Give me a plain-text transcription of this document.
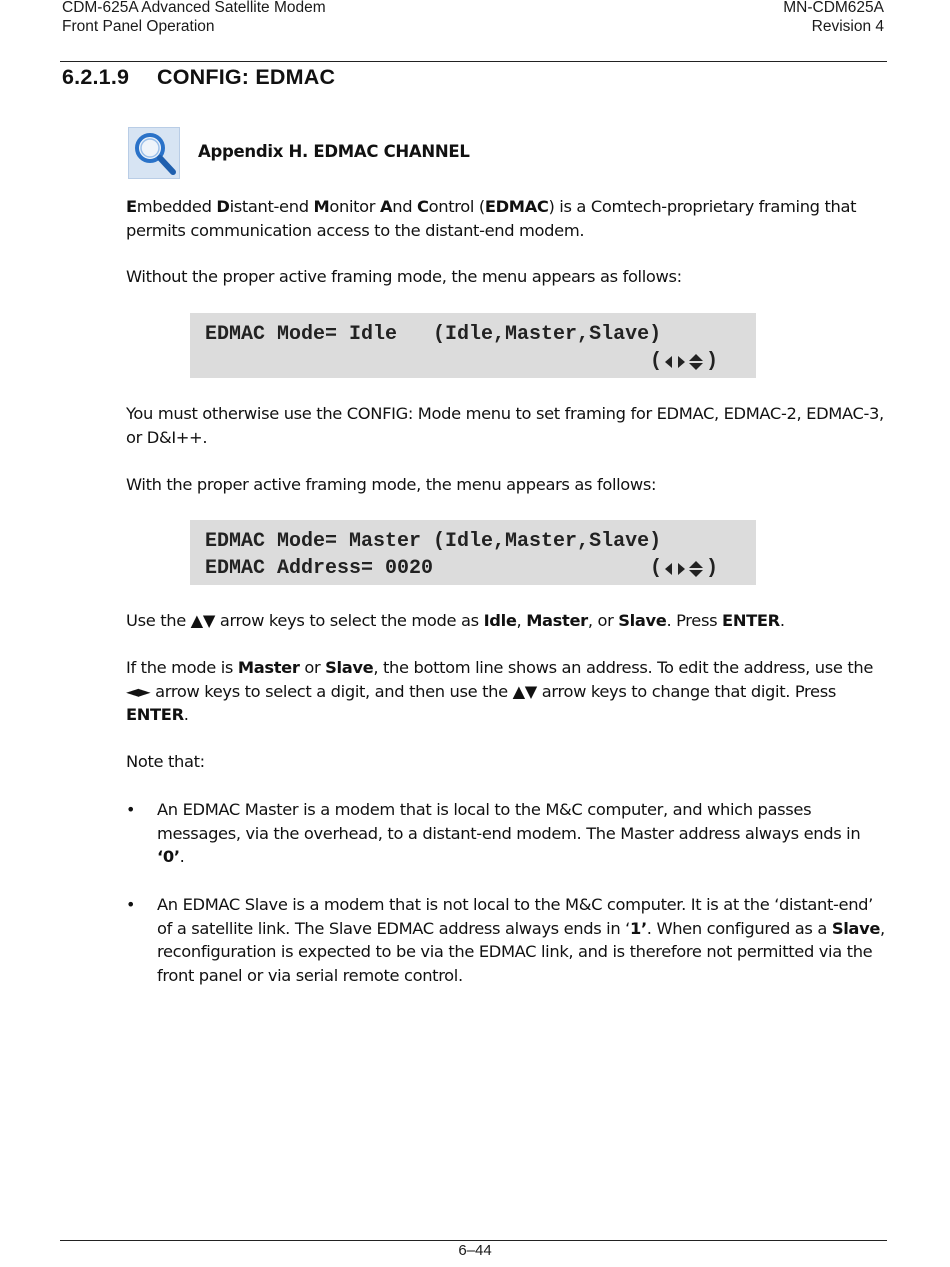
CDM-625A Advanced Satellite Modem
Front Panel Operation
MN-CDM625A
Revision 4
6.2.1.9 CONFIG: EDMAC
Appendix H. EDMAC CHANNEL

Embedded Distant-end Monitor And Control (EDMAC) is a Comtech-proprietary framing that permits communication access to the distant-end modem.

Without the proper active framing mode, the menu appears as follows:

EDMAC Mode= Idle   (Idle,Master,Slave)

( )

You must otherwise use the CONFIG: Mode menu to set framing for EDMAC, EDMAC-2, EDMAC-3, or D&I++.

With the proper active framing mode, the menu appears as follows:

EDMAC Mode= Master (Idle,Master,Slave)
EDMAC Address= 0020
	( )

Use the ▲▼ arrow keys to select the mode as Idle, Master, or Slave. Press ENTER.

If the mode is Master or Slave, the bottom line shows an address. To edit the address, use the ◄► arrow keys to select a digit, and then use the ▲▼ arrow keys to change that digit. Press ENTER.

Note that:

•	An EDMAC Master is a modem that is local to the M&C computer, and which passes messages, via the overhead, to a distant-end modem. The Master address always ends in ‘0’.
•	An EDMAC Slave is a modem that is not local to the M&C computer. It is at the ‘distant-end’ of a satellite link. The Slave EDMAC address always ends in ‘1’. When configured as a Slave, reconfiguration is expected to be via the EDMAC link, and is therefore not permitted via the front panel or via serial remote control.
6–44
